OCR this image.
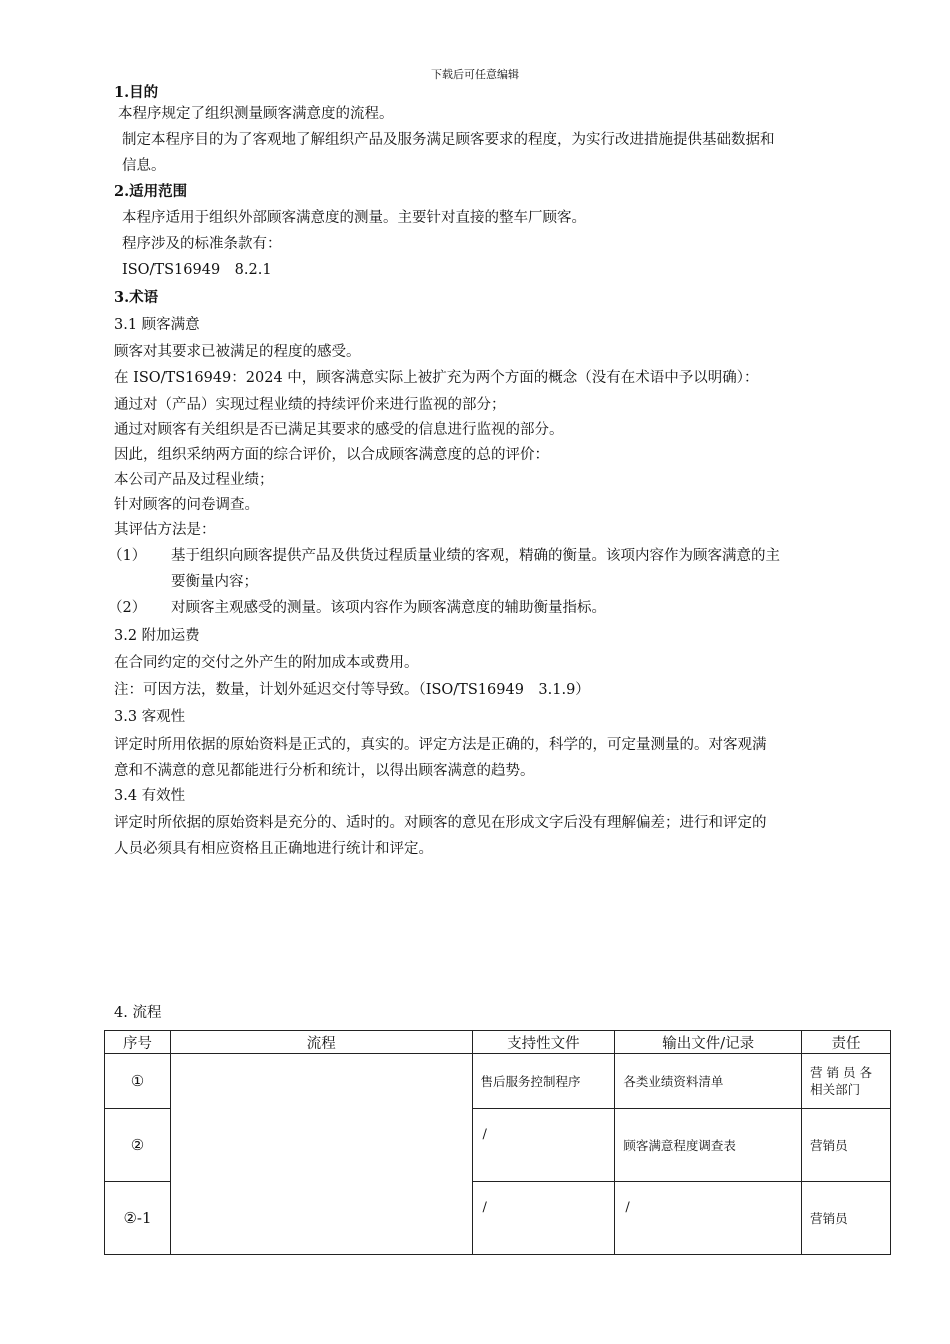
下载后可任意编辑
1.目的
本程序规定了组织测量顾客满意度的流程。
制定本程序目的为了客观地了解组织产品及服务满足顾客要求的程度，为实行改进措施提供基础数据和
信息。
2.适用范围
本程序适用于组织外部顾客满意度的测量。主要针对直接的整车厂顾客。
程序涉及的标准条款有：
ISO/TS16949　8.2.1
3.术语
3.1 顾客满意
顾客对其要求已被满足的程度的感受。
在 ISO/TS16949：2024 中，顾客满意实际上被扩充为两个方面的概念（没有在术语中予以明确）：
通过对（产品）实现过程业绩的持续评价来进行监视的部分；
通过对顾客有关组织是否已满足其要求的感受的信息进行监视的部分。
因此，组织采纳两方面的综合评价，以合成顾客满意度的总的评价：
本公司产品及过程业绩；
针对顾客的问卷调查。
其评估方法是：
（1） 基于组织向顾客提供产品及供货过程质量业绩的客观，精确的衡量。该项内容作为顾客满意的主
要衡量内容；
（2） 对顾客主观感受的测量。该项内容作为顾客满意度的辅助衡量指标。
3.2 附加运费
在合同约定的交付之外产生的附加成本或费用。
注：可因方法，数量，计划外延迟交付等导致。（ISO/TS16949　3.1.9）
3.3 客观性
评定时所用依据的原始资料是正式的，真实的。评定方法是正确的，科学的，可定量测量的。对客观满
意和不满意的意见都能进行分析和统计，以得出顾客满意的趋势。
3.4 有效性
评定时所依据的原始资料是充分的、适时的。对顾客的意见在形成文字后没有理解偏差；进行和评定的
人员必须具有相应资格且正确地进行统计和评定。
4. 流程
序号	流程	支持性文件	输出文件/记录	责任
①		售后服务控制程序	各类业绩资料清单	营 销 员 各相关部门
②		/	顾客满意程度调查表	营销员
②-1		/	/	营销员
